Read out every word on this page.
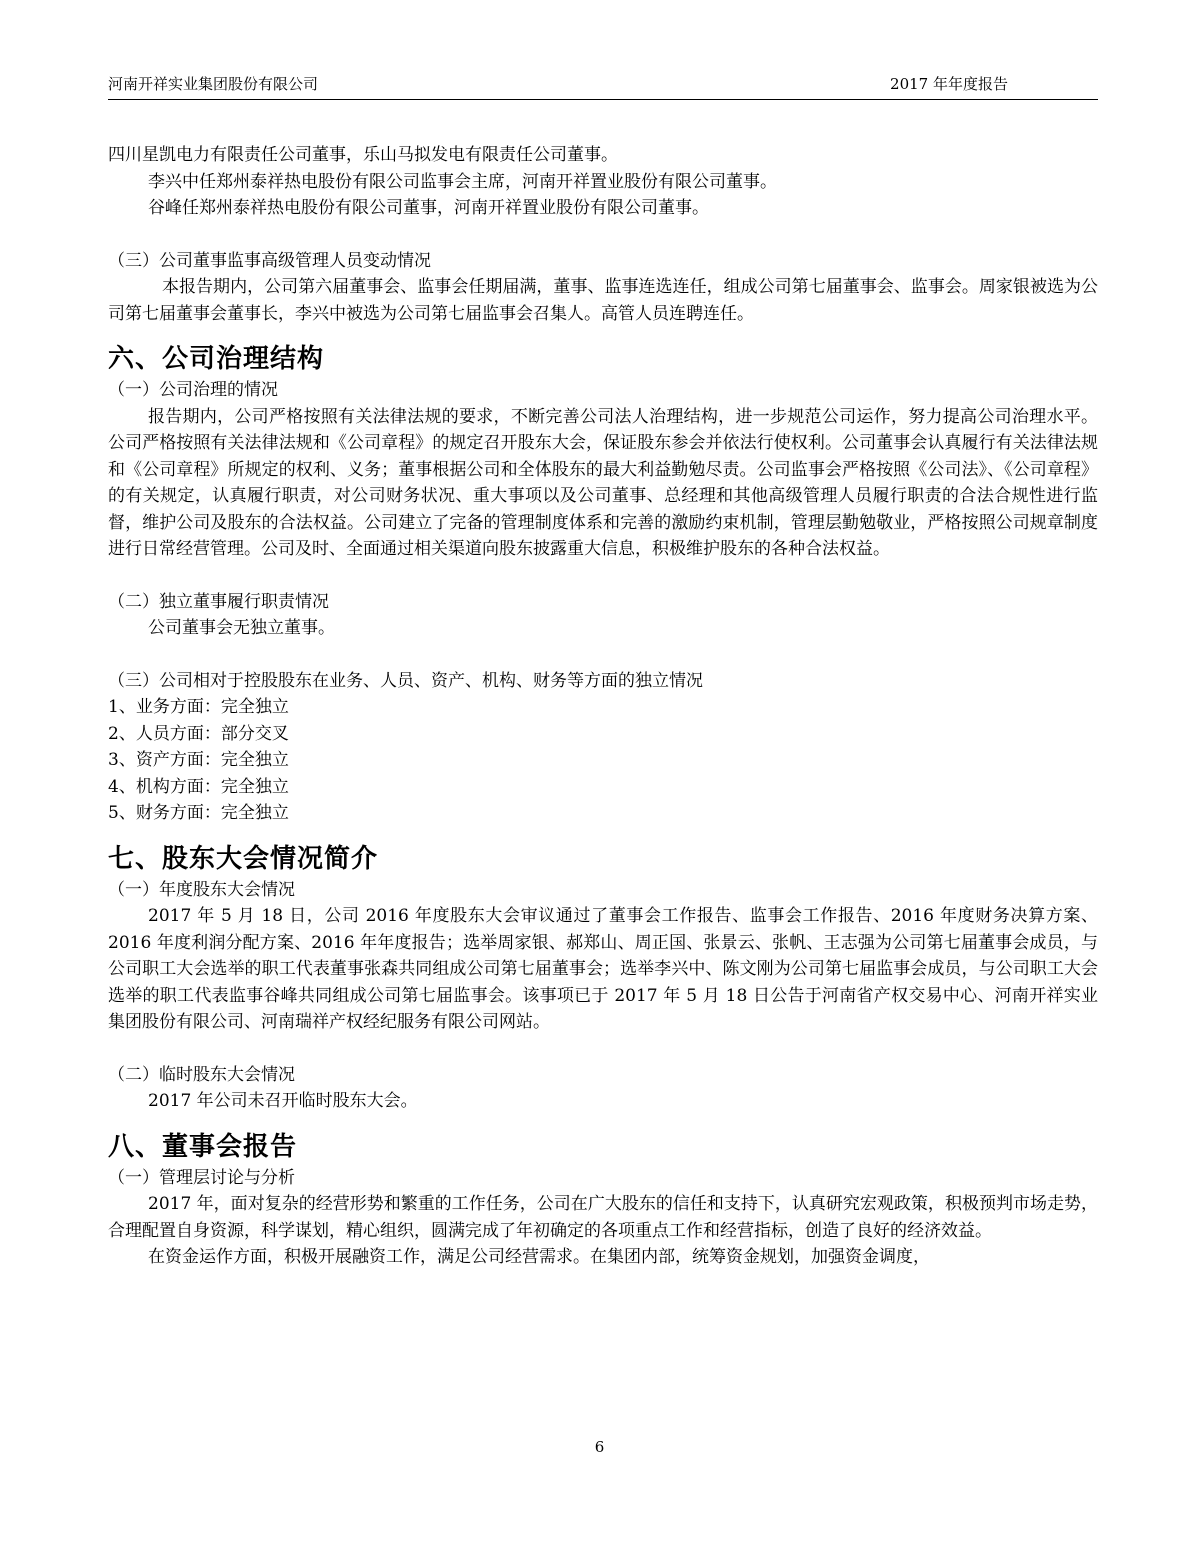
河南开祥实业集团股份有限公司	2017 年年度报告

四川星凯电力有限责任公司董事，乐山马拟发电有限责任公司董事。

李兴中任郑州泰祥热电股份有限公司监事会主席，河南开祥置业股份有限公司董事。

谷峰任郑州泰祥热电股份有限公司董事，河南开祥置业股份有限公司董事。

（三）公司董事监事高级管理人员变动情况

本报告期内，公司第六届董事会、监事会任期届满，董事、监事连选连任，组成公司第七届董事会、监事会。周家银被选为公司第七届董事会董事长，李兴中被选为公司第七届监事会召集人。高管人员连聘连任。

六、公司治理结构

（一）公司治理的情况

报告期内，公司严格按照有关法律法规的要求，不断完善公司法人治理结构，进一步规范公司运作，努力提高公司治理水平。公司严格按照有关法律法规和《公司章程》的规定召开股东大会，保证股东参会并依法行使权利。公司董事会认真履行有关法律法规和《公司章程》所规定的权利、义务；董事根据公司和全体股东的最大利益勤勉尽责。公司监事会严格按照《公司法》、《公司章程》的有关规定，认真履行职责，对公司财务状况、重大事项以及公司董事、总经理和其他高级管理人员履行职责的合法合规性进行监督，维护公司及股东的合法权益。公司建立了完备的管理制度体系和完善的激励约束机制，管理层勤勉敬业，严格按照公司规章制度进行日常经营管理。公司及时、全面通过相关渠道向股东披露重大信息，积极维护股东的各种合法权益。

（二）独立董事履行职责情况

公司董事会无独立董事。

（三）公司相对于控股股东在业务、人员、资产、机构、财务等方面的独立情况

1、业务方面：完全独立

2、人员方面：部分交叉

3、资产方面：完全独立

4、机构方面：完全独立

5、财务方面：完全独立

七、股东大会情况简介

（一）年度股东大会情况

2017 年 5 月 18 日，公司 2016 年度股东大会审议通过了董事会工作报告、监事会工作报告、2016 年度财务决算方案、2016 年度利润分配方案、2016 年年度报告；选举周家银、郝郑山、周正国、张景云、张帆、王志强为公司第七届董事会成员，与公司职工大会选举的职工代表董事张森共同组成公司第七届董事会；选举李兴中、陈文刚为公司第七届监事会成员，与公司职工大会选举的职工代表监事谷峰共同组成公司第七届监事会。该事项已于 2017 年 5 月 18 日公告于河南省产权交易中心、河南开祥实业集团股份有限公司、河南瑞祥产权经纪服务有限公司网站。

（二）临时股东大会情况

2017 年公司未召开临时股东大会。

八、董事会报告

（一）管理层讨论与分析

2017 年，面对复杂的经营形势和繁重的工作任务，公司在广大股东的信任和支持下，认真研究宏观政策，积极预判市场走势，合理配置自身资源，科学谋划，精心组织，圆满完成了年初确定的各项重点工作和经营指标，创造了良好的经济效益。

在资金运作方面，积极开展融资工作，满足公司经营需求。在集团内部，统筹资金规划，加强资金调度，

6
